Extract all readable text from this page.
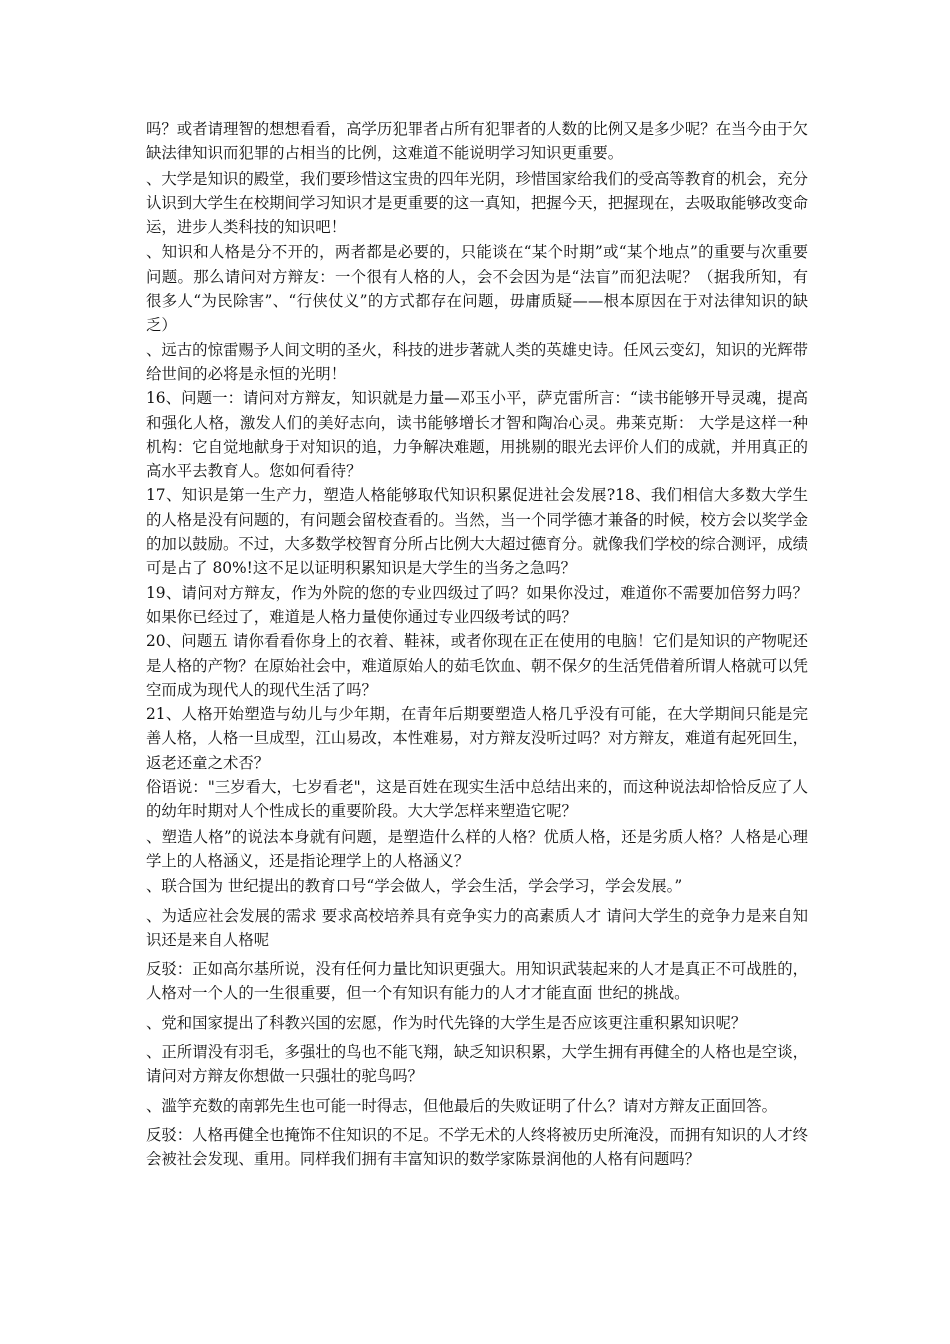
吗？或者请理智的想想看看，高学历犯罪者占所有犯罪者的人数的比例又是多少呢？在当今由于欠缺法律知识而犯罪的占相当的比例，这难道不能说明学习知识更重要。

、大学是知识的殿堂，我们要珍惜这宝贵的四年光阴，珍惜国家给我们的受高等教育的机会，充分认识到大学生在校期间学习知识才是更重要的这一真知，把握今天，把握现在，去吸取能够改变命运，进步人类科技的知识吧！

、知识和人格是分不开的，两者都是必要的，只能谈在“某个时期”或“某个地点”的重要与次重要问题。那么请问对方辩友：一个很有人格的人，会不会因为是“法盲”而犯法呢？（据我所知，有很多人“为民除害”、“行侠仗义”的方式都存在问题，毋庸质疑——根本原因在于对法律知识的缺乏）

、远古的惊雷赐予人间文明的圣火，科技的进步著就人类的英雄史诗。任风云变幻，知识的光辉带给世间的必将是永恒的光明！

16、问题一：请问对方辩友，知识就是力量—邓玉小平，萨克雷所言：“读书能够开导灵魂，提高和强化人格，激发人们的美好志向，读书能够增长才智和陶冶心灵。弗莱克斯： 大学是这样一种机构：它自觉地献身于对知识的追，力争解决难题，用挑剔的眼光去评价人们的成就，并用真正的高水平去教育人。您如何看待？

17、知识是第一生产力，塑造人格能够取代知识积累促进社会发展?18、我们相信大多数大学生的人格是没有问题的，有问题会留校查看的。当然，当一个同学德才兼备的时候，校方会以奖学金的加以鼓励。不过，大多数学校智育分所占比例大大超过德育分。就像我们学校的综合测评，成绩可是占了 80%!这不足以证明积累知识是大学生的当务之急吗？

19、请问对方辩友，作为外院的您的专业四级过了吗？如果你没过，难道你不需要加倍努力吗？如果你已经过了，难道是人格力量使你通过专业四级考试的吗？

20、问题五 请你看看你身上的衣着、鞋袜，或者你现在正在使用的电脑！它们是知识的产物呢还是人格的产物？在原始社会中，难道原始人的茹毛饮血、朝不保夕的生活凭借着所谓人格就可以凭空而成为现代人的现代生活了吗？

21、人格开始塑造与幼儿与少年期，在青年后期要塑造人格几乎没有可能，在大学期间只能是完善人格，人格一旦成型，江山易改，本性难易，对方辩友没听过吗？对方辩友，难道有起死回生，返老还童之术否？

俗语说："三岁看大，七岁看老"，这是百姓在现实生活中总结出来的，而这种说法却恰恰反应了人的幼年时期对人个性成长的重要阶段。大大学怎样来塑造它呢？

、塑造人格”的说法本身就有问题，是塑造什么样的人格？优质人格，还是劣质人格？人格是心理学上的人格涵义，还是指论理学上的人格涵义？

、联合国为 世纪提出的教育口号“学会做人，学会生活，学会学习，学会发展。”

、为适应社会发展的需求 要求高校培养具有竞争实力的高素质人才 请问大学生的竞争力是来自知识还是来自人格呢

反驳：正如高尔基所说，没有任何力量比知识更强大。用知识武装起来的人才是真正不可战胜的，人格对一个人的一生很重要，但一个有知识有能力的人才才能直面 世纪的挑战。

、党和国家提出了科教兴国的宏愿，作为时代先锋的大学生是否应该更注重积累知识呢？

、正所谓没有羽毛，多强壮的鸟也不能飞翔，缺乏知识积累，大学生拥有再健全的人格也是空谈，请问对方辩友你想做一只强壮的驼鸟吗？

、滥竽充数的南郭先生也可能一时得志，但他最后的失败证明了什么？请对方辩友正面回答。

反驳：人格再健全也掩饰不住知识的不足。不学无术的人终将被历史所淹没，而拥有知识的人才终会被社会发现、重用。同样我们拥有丰富知识的数学家陈景润他的人格有问题吗？
